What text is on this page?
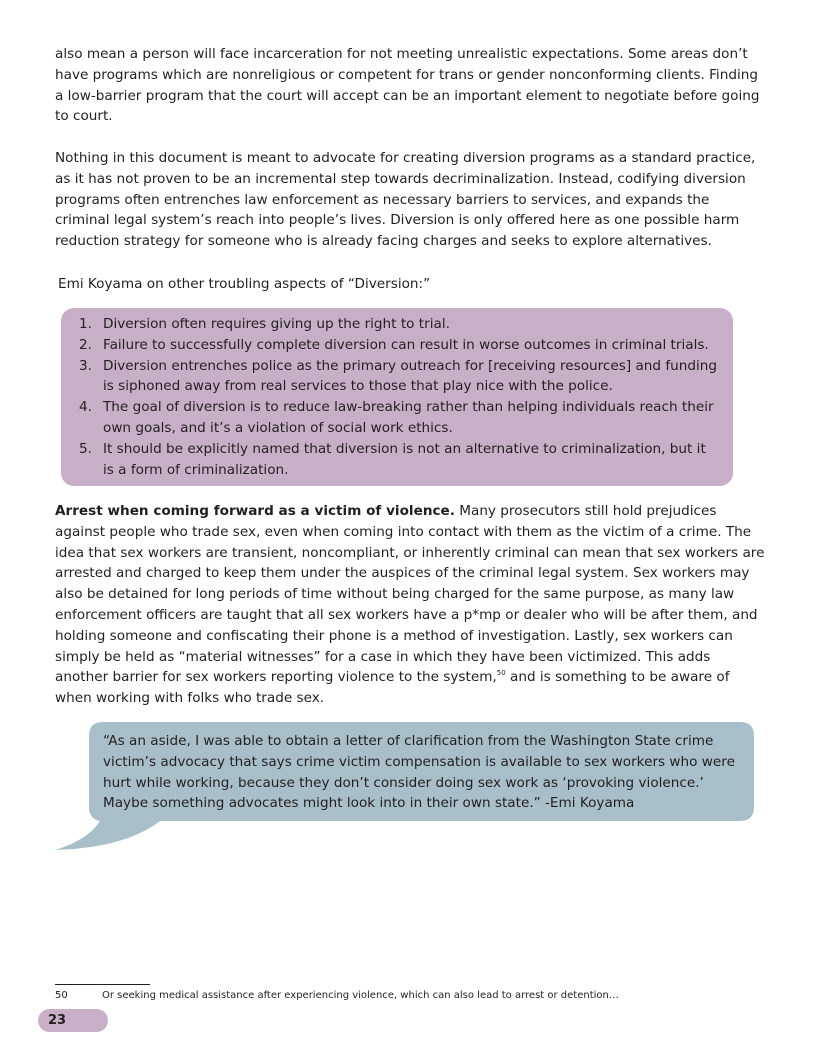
also mean a person will face incarceration for not meeting unrealistic expectations. Some areas don’t have programs which are nonreligious or competent for trans or gender nonconforming clients. Finding a low-barrier program that the court will accept can be an important element to negotiate before going to court.

Nothing in this document is meant to advocate for creating diversion programs as a standard practice, as it has not proven to be an incremental step towards decriminalization. Instead, codifying diversion programs often entrenches law enforcement as necessary barriers to services, and expands the criminal legal system’s reach into people’s lives. Diversion is only offered here as one possible harm reduction strategy for someone who is already facing charges and seeks to explore alternatives.

Emi Koyama on other troubling aspects of “Diversion:”

1. Diversion often requires giving up the right to trial.
2. Failure to successfully complete diversion can result in worse outcomes in criminal trials.
3. Diversion entrenches police as the primary outreach for [receiving resources] and funding is siphoned away from real services to those that play nice with the police.
4. The goal of diversion is to reduce law-breaking rather than helping individuals reach their own goals, and it’s a violation of social work ethics.
5. It should be explicitly named that diversion is not an alternative to criminalization, but it is a form of criminalization.

Arrest when coming forward as a victim of violence. Many prosecutors still hold prejudices against people who trade sex, even when coming into contact with them as the victim of a crime. The idea that sex workers are transient, noncompliant, or inherently criminal can mean that sex workers are arrested and charged to keep them under the auspices of the criminal legal system. Sex workers may also be detained for long periods of time without being charged for the same purpose, as many law enforcement officers are taught that all sex workers have a p*mp or dealer who will be after them, and holding someone and confiscating their phone is a method of investigation. Lastly, sex workers can simply be held as “material witnesses” for a case in which they have been victimized. This adds another barrier for sex workers reporting violence to the system,$^{50}$ and is something to be aware of when working with folks who trade sex.

“As an aside, I was able to obtain a letter of clarification from the Washington State crime victim’s advocacy that says crime victim compensation is available to sex workers who were hurt while working, because they don’t consider doing sex work as ‘provoking violence.’ Maybe something advocates might look into in their own state.” -Emi Koyama

50	Or seeking medical assistance after experiencing violence, which can also lead to arrest or detention…
23
